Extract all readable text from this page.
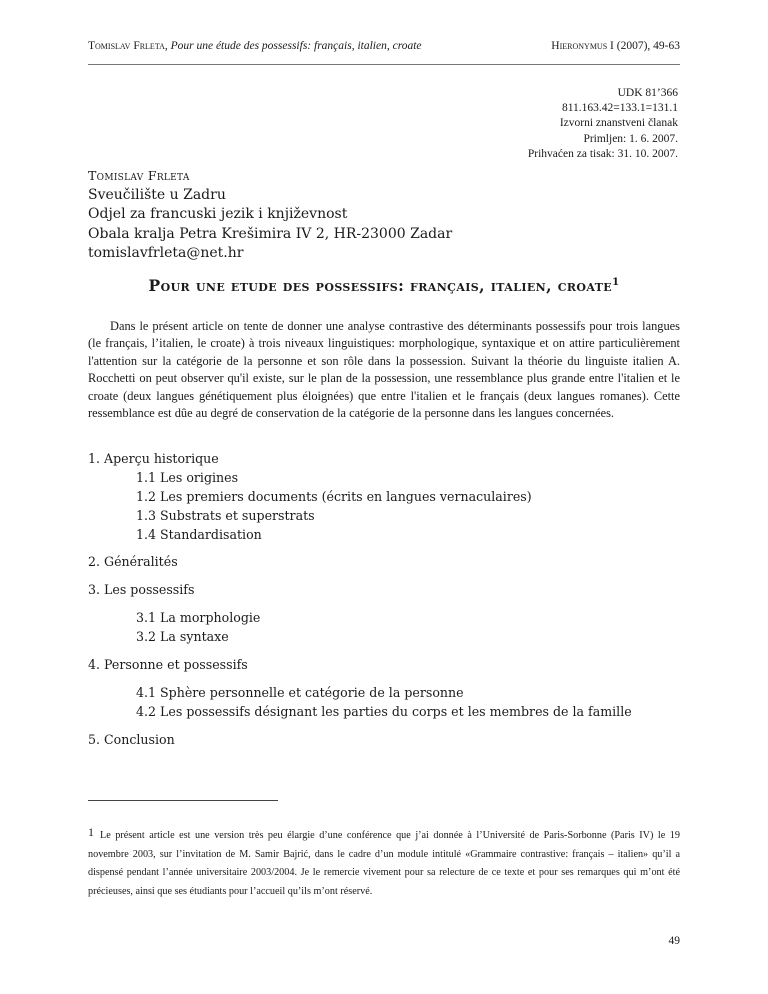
Tomislav Frleta, Pour une étude des possessifs: français, italien, croate	Hieronymus I (2007), 49-63
UDK 81’366
811.163.42=133.1=131.1
Izvorni znanstveni članak
Primljen: 1. 6. 2007.
Prihvaćen za tisak: 31. 10. 2007.
Tomislav Frleta
Sveučilište u Zadru
Odjel za francuski jezik i književnost
Obala kralja Petra Krešimira IV 2, HR-23000 Zadar
tomislavfrleta@net.hr
Pour une etude des possessifs: français, italien, croate$^1$

Dans le présent article on tente de donner une analyse contrastive des déterminants possessifs pour trois langues (le français, l’italien, le croate) à trois niveaux linguistiques: morphologique, syntaxique et on attire particulièrement l'attention sur la catégorie de la personne et son rôle dans la possession. Suivant la théorie du linguiste italien A. Rocchetti on peut observer qu'il existe, sur le plan de la possession, une ressemblance plus grande entre l'italien et le croate (deux langues génétiquement plus éloignées) que entre l'italien et le français (deux langues romanes). Cette ressemblance est dûe au degré de conservation de la catégorie de la personne dans les langues concernées.

1. Aperçu historique
1.1 Les origines
1.2 Les premiers documents (écrits en langues vernaculaires)
1.3 Substrats et superstrats
1.4 Standardisation
2. Généralités
3. Les possessifs
3.1 La morphologie
3.2 La syntaxe
4. Personne et possessifs
4.1 Sphère personnelle et catégorie de la personne
4.2 Les possessifs désignant les parties du corps et les membres de la famille
5. Conclusion

1 Le présent article est une version très peu élargie d’une conférence que j’ai donnée à l’Université de Paris-Sorbonne (Paris IV) le 19 novembre 2003, sur l’invitation de M. Samir Bajrić, dans le cadre d’un module intitulé «Grammaire contrastive: français – italien» qu’il a dispensé pendant l’année universitaire 2003/2004. Je le remercie vivement pour sa relecture de ce texte et pour ses remarques qui m’ont été précieuses, ainsi que ses étudiants pour l’accueil qu’ils m’ont réservé.

49
